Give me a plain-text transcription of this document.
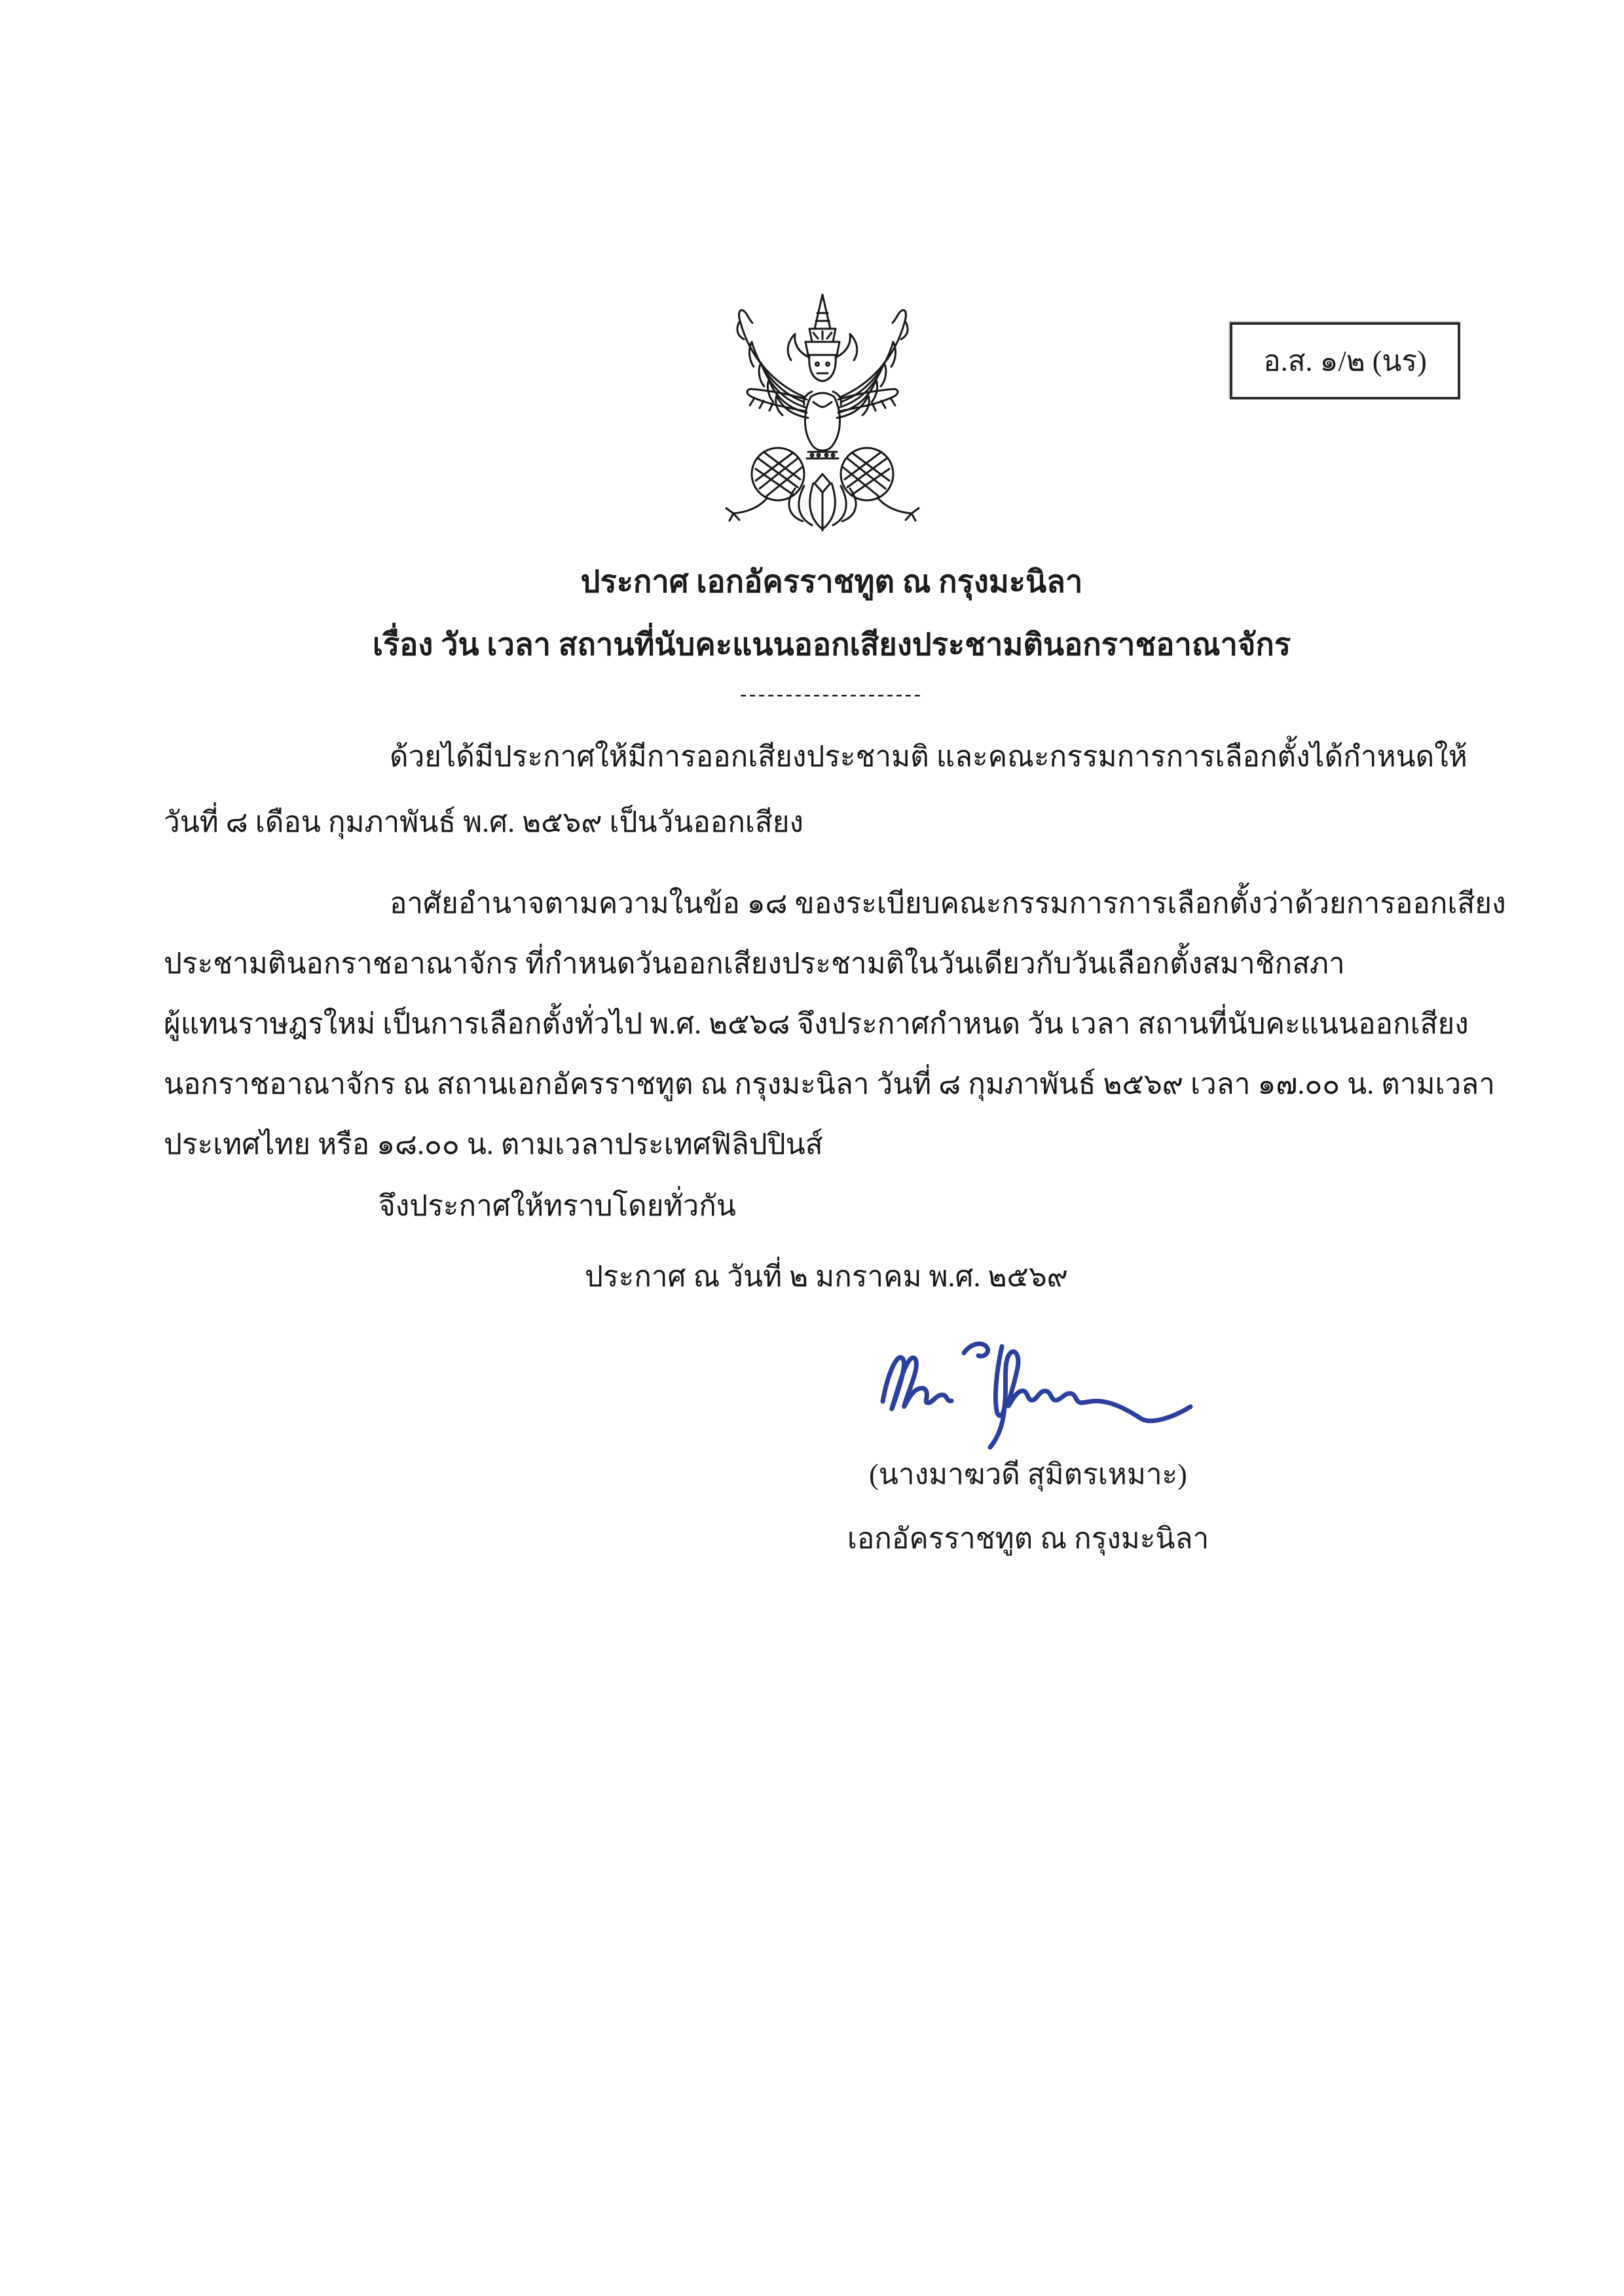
อ.ส. ๑/๒ (นร)
ประกาศ เอกอัครราชทูต ณ กรุงมะนิลา
เรื่อง วัน เวลา สถานที่นับคะแนนออกเสียงประชามตินอกราชอาณาจักร
--------------------
ด้วยได้มีประกาศให้มีการออกเสียงประชามติ และคณะกรรมการการเลือกตั้งได้กำหนดให้
วันที่ ๘ เดือน กุมภาพันธ์ พ.ศ. ๒๕๖๙ เป็นวันออกเสียง
อาศัยอำนาจตามความในข้อ ๑๘ ของระเบียบคณะกรรมการการเลือกตั้งว่าด้วยการออกเสียง
ประชามตินอกราชอาณาจักร ที่กำหนดวันออกเสียงประชามติในวันเดียวกับวันเลือกตั้งสมาชิกสภา
ผู้แทนราษฎรใหม่ เป็นการเลือกตั้งทั่วไป พ.ศ. ๒๕๖๘ จึงประกาศกำหนด วัน เวลา สถานที่นับคะแนนออกเสียง
นอกราชอาณาจักร ณ สถานเอกอัครราชทูต ณ กรุงมะนิลา วันที่ ๘ กุมภาพันธ์ ๒๕๖๙ เวลา ๑๗.๐๐ น. ตามเวลา
ประเทศไทย หรือ ๑๘.๐๐ น. ตามเวลาประเทศฟิลิปปินส์
จึงประกาศให้ทราบโดยทั่วกัน
ประกาศ ณ วันที่ ๒ มกราคม พ.ศ. ๒๕๖๙
(นางมาฆวดี สุมิตรเหมาะ)
เอกอัครราชทูต ณ กรุงมะนิลา
